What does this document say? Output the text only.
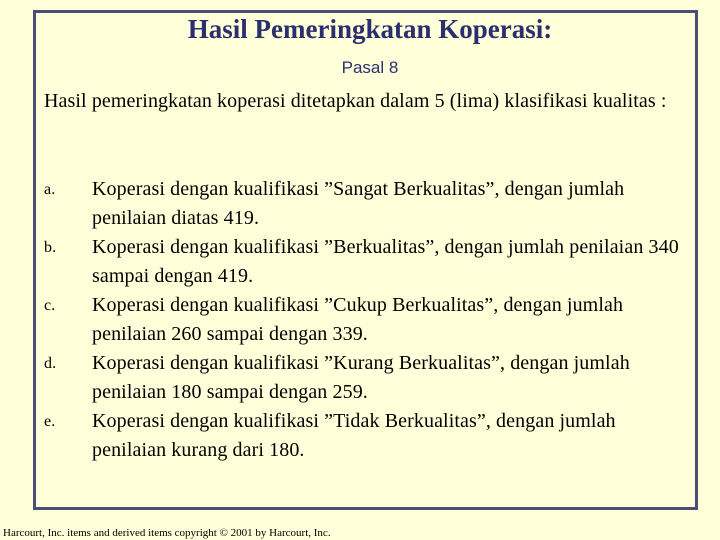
Hasil Pemeringkatan Koperasi:
Pasal 8
Hasil pemeringkatan koperasi ditetapkan dalam 5 (lima) klasifikasi kualitas :
a. Koperasi dengan kualifikasi ”Sangat Berkualitas”, dengan jumlah penilaian diatas 419.
b. Koperasi dengan kualifikasi ”Berkualitas”, dengan jumlah penilaian 340 sampai dengan 419.
c. Koperasi dengan kualifikasi ”Cukup Berkualitas”, dengan jumlah penilaian 260 sampai dengan 339.
d. Koperasi dengan kualifikasi ”Kurang Berkualitas”, dengan jumlah penilaian 180 sampai dengan 259.
e. Koperasi dengan kualifikasi ”Tidak Berkualitas”, dengan jumlah penilaian kurang dari 180.
Harcourt, Inc. items and derived items copyright © 2001 by Harcourt, Inc.
